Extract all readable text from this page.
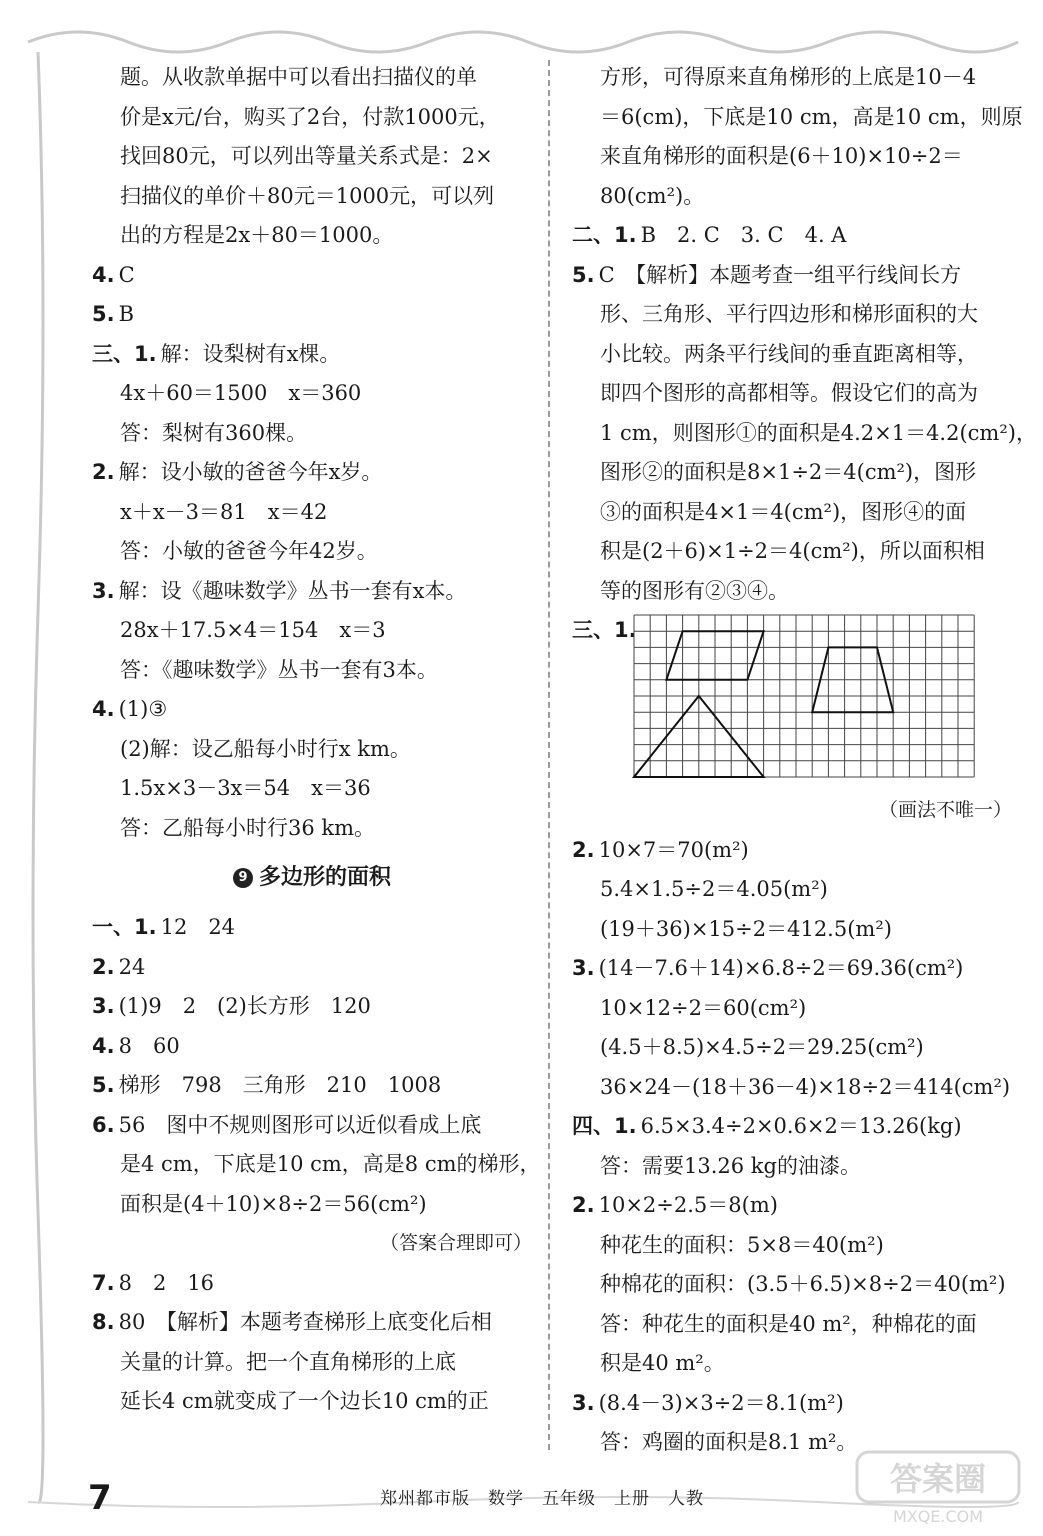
题。从收款单据中可以看出扫描仪的单
价是x元/台，购买了2台，付款1000元，
找回80元，可以列出等量关系式是：2×
扫描仪的单价＋80元＝1000元，可以列
出的方程是2x＋80＝1000。
4. C
5. B
三、1. 解：设梨树有x棵。
4x＋60＝1500　x＝360
答：梨树有360棵。
2. 解：设小敏的爸爸今年x岁。
x＋x－3＝81　x＝42
答：小敏的爸爸今年42岁。
3. 解：设《趣味数学》丛书一套有x本。
28x＋17.5×4＝154　x＝3
答：《趣味数学》丛书一套有3本。
4. (1)③
(2)解：设乙船每小时行x km。
1.5x×3－3x＝54　x＝36
答：乙船每小时行36 km。
9 多边形的面积
一、1. 12　24
2. 24
3. (1)9　2　(2)长方形　120
4. 8　60
5. 梯形　798　三角形　210　1008
6. 56　图中不规则图形可以近似看成上底
是4 cm，下底是10 cm，高是8 cm的梯形，
面积是(4＋10)×8÷2＝56(cm²)
（答案合理即可）
7. 8　2　16
8. 80　【解析】本题考查梯形上底变化后相
关量的计算。把一个直角梯形的上底
延长4 cm就变成了一个边长10 cm的正
方形，可得原来直角梯形的上底是10－4
＝6(cm)，下底是10 cm，高是10 cm，则原
来直角梯形的面积是(6＋10)×10÷2＝
80(cm²)。
二、1. B　2. C　3. C　4. A
5. C　【解析】本题考查一组平行线间长方
形、三角形、平行四边形和梯形面积的大
小比较。两条平行线间的垂直距离相等，
即四个图形的高都相等。假设它们的高为
1 cm，则图形①的面积是4.2×1＝4.2(cm²)，
图形②的面积是8×1÷2＝4(cm²)，图形
③的面积是4×1＝4(cm²)，图形④的面
积是(2＋6)×1÷2＝4(cm²)，所以面积相
等的图形有②③④。
三、1.
（画法不唯一）
2. 10×7＝70(m²)
5.4×1.5÷2＝4.05(m²)
(19＋36)×15÷2＝412.5(m²)
3. (14－7.6＋14)×6.8÷2＝69.36(cm²)
10×12÷2＝60(cm²)
(4.5＋8.5)×4.5÷2＝29.25(cm²)
36×24－(18＋36－4)×18÷2＝414(cm²)
四、1. 6.5×3.4÷2×0.6×2＝13.26(kg)
答：需要13.26 kg的油漆。
2. 10×2÷2.5＝8(m)
种花生的面积：5×8＝40(m²)
种棉花的面积：(3.5＋6.5)×8÷2＝40(m²)
答：种花生的面积是40 m²，种棉花的面
积是40 m²。
3. (8.4－3)×3÷2＝8.1(m²)
答：鸡圈的面积是8.1 m²。
7	郑州都市版　数学　五年级　上册　人教
答案圈
MXQE.COM
